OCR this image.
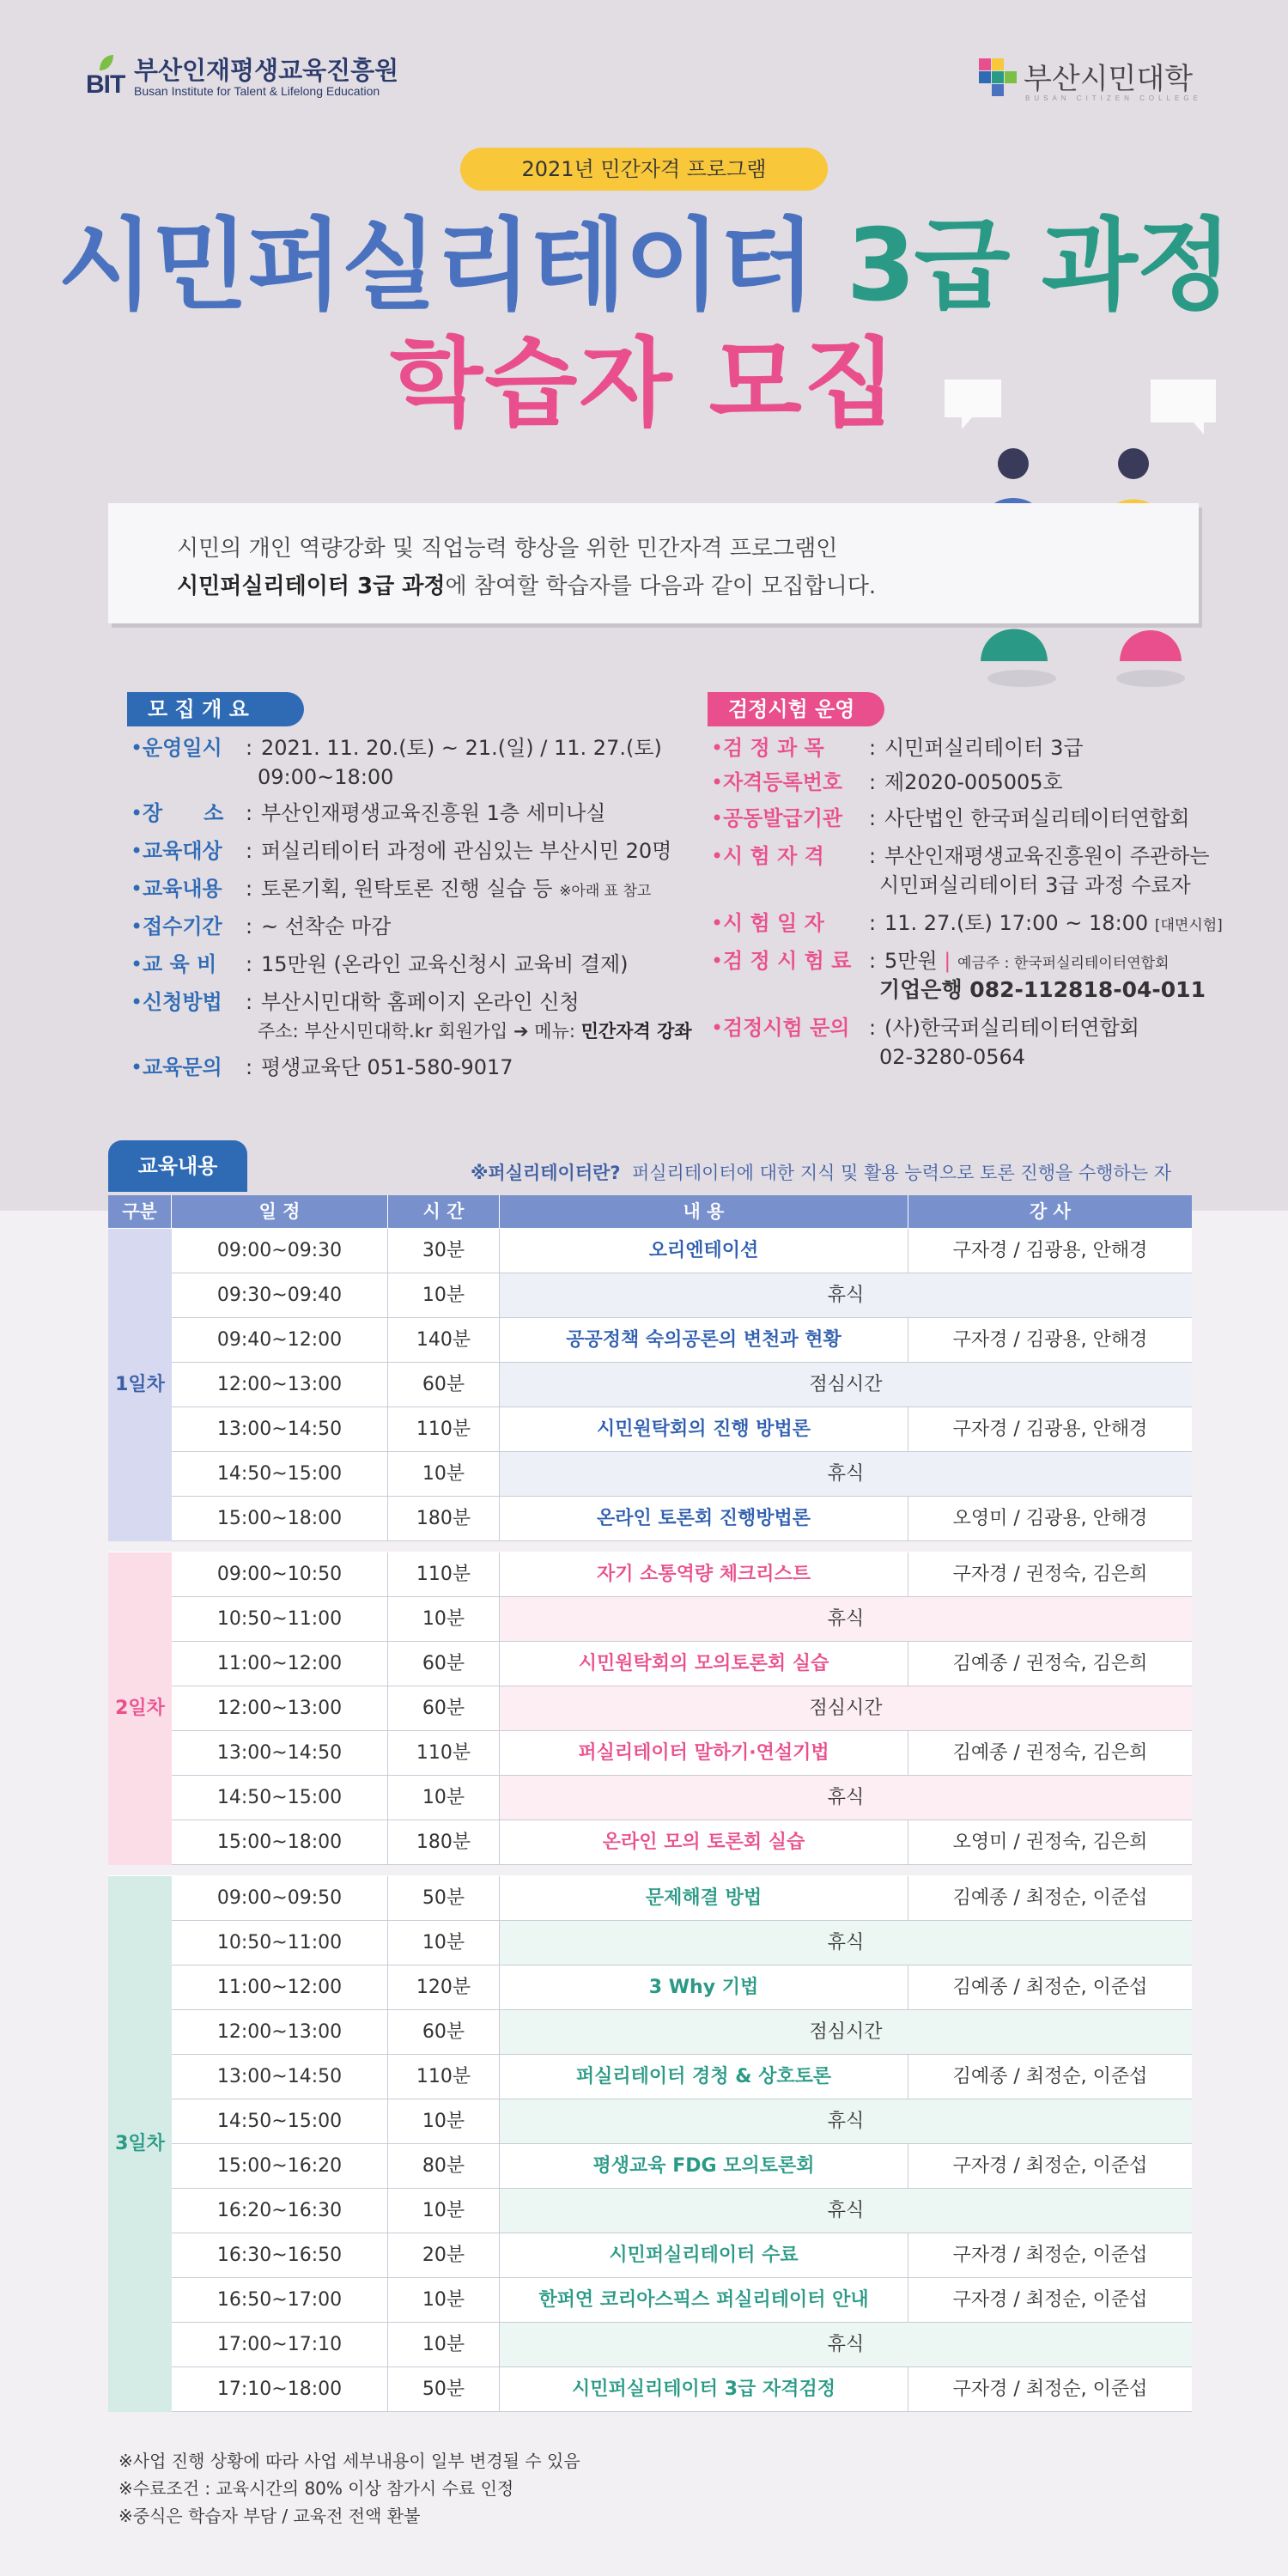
BIT 부산인재평생교육진흥원
Busan Institute for Talent & Lifelong Education	부산시민대학
BUSAN CITIZEN COLLEGE
2021년 민간자격 프로그램
시민퍼실리테이터 3급 과정
학습자 모집
시민의 개인 역량강화 및 직업능력 향상을 위한 민간자격 프로그램인
시민퍼실리테이터 3급 과정에 참여할 학습자를 다음과 같이 모집합니다.
모 집 개 요
•운영일시 : 2021. 11. 20.(토) ~ 21.(일) / 11. 27.(토)
09:00~18:00
•장　　소 : 부산인재평생교육진흥원 1층 세미나실
•교육대상 : 퍼실리테이터 과정에 관심있는 부산시민 20명
•교육내용 : 토론기획, 원탁토론 진행 실습 등 ※아래 표 참고
•접수기간 : ~ 선착순 마감
•교 육 비 : 15만원 (온라인 교육신청시 교육비 결제)
•신청방법 : 부산시민대학 홈페이지 온라인 신청
주소: 부산시민대학.kr 회원가입 ➔ 메뉴: 민간자격 강좌
•교육문의 : 평생교육단 051-580-9017
검정시험 운영
•검 정 과 목 : 시민퍼실리테이터 3급
•자격등록번호 : 제2020-005005호
•공동발급기관 : 사단법인 한국퍼실리테이터연합회
•시 험 자 격 : 부산인재평생교육진흥원이 주관하는
시민퍼실리테이터 3급 과정 수료자
•시 험 일 자 : 11. 27.(토) 17:00 ~ 18:00 [대면시험]
•검 정 시 험 료 : 5만원 | 예금주 : 한국퍼실리테이터연합회
기업은행 082-112818-04-011
•검정시험 문의 : (사)한국퍼실리테이터연합회
02-3280-0564
교육내용	※퍼실리테이터란? 퍼실리테이터에 대한 지식 및 활용 능력으로 토론 진행을 수행하는 자
구분	일 정	시 간	내 용	강 사
1 일 차

09:00~09:30	30분	오리엔테이션	구자경 / 김광용, 안해경
09:30~09:40	10분	휴식
09:40~12:00	140분	공공정책 숙의공론의 변천과 현황	구자경 / 김광용, 안해경
12:00~13:00	60분	점심시간
13:00~14:50	110분	시민원탁회의 진행 방법론	구자경 / 김광용, 안해경
14:50~15:00	10분	휴식
15:00~18:00	180분	온라인 토론회 진행방법론	오영미 / 김광용, 안해경
2 일 차

09:00~10:50	110분	자기 소통역량 체크리스트	구자경 / 권정숙, 김은희
10:50~11:00	10분	휴식
11:00~12:00	60분	시민원탁회의 모의토론회 실습	김예종 / 권정숙, 김은희
12:00~13:00	60분	점심시간
13:00~14:50	110분	퍼실리테이터 말하기·연설기법	김예종 / 권정숙, 김은희
14:50~15:00	10분	휴식
15:00~18:00	180분	온라인 모의 토론회 실습	오영미 / 권정숙, 김은희
3 일 차

09:00~09:50	50분	문제해결 방법	김예종 / 최정순, 이준섭
10:50~11:00	10분	휴식
11:00~12:00	120분	3 Why 기법	김예종 / 최정순, 이준섭
12:00~13:00	60분	점심시간
13:00~14:50	110분	퍼실리테이터 경청 & 상호토론	김예종 / 최정순, 이준섭
14:50~15:00	10분	휴식
15:00~16:20	80분	평생교육 FDG 모의토론회	구자경 / 최정순, 이준섭
16:20~16:30	10분	휴식
16:30~16:50	20분	시민퍼실리테이터 수료	구자경 / 최정순, 이준섭
16:50~17:00	10분	한퍼연 코리아스픽스 퍼실리테이터 안내	구자경 / 최정순, 이준섭
17:00~17:10	10분	휴식
17:10~18:00	50분	시민퍼실리테이터 3급 자격검정	구자경 / 최정순, 이준섭
※사업 진행 상황에 따라 사업 세부내용이 일부 변경될 수 있음
※수료조건 : 교육시간의 80% 이상 참가시 수료 인정
※중식은 학습자 부담 / 교육전 전액 환불
